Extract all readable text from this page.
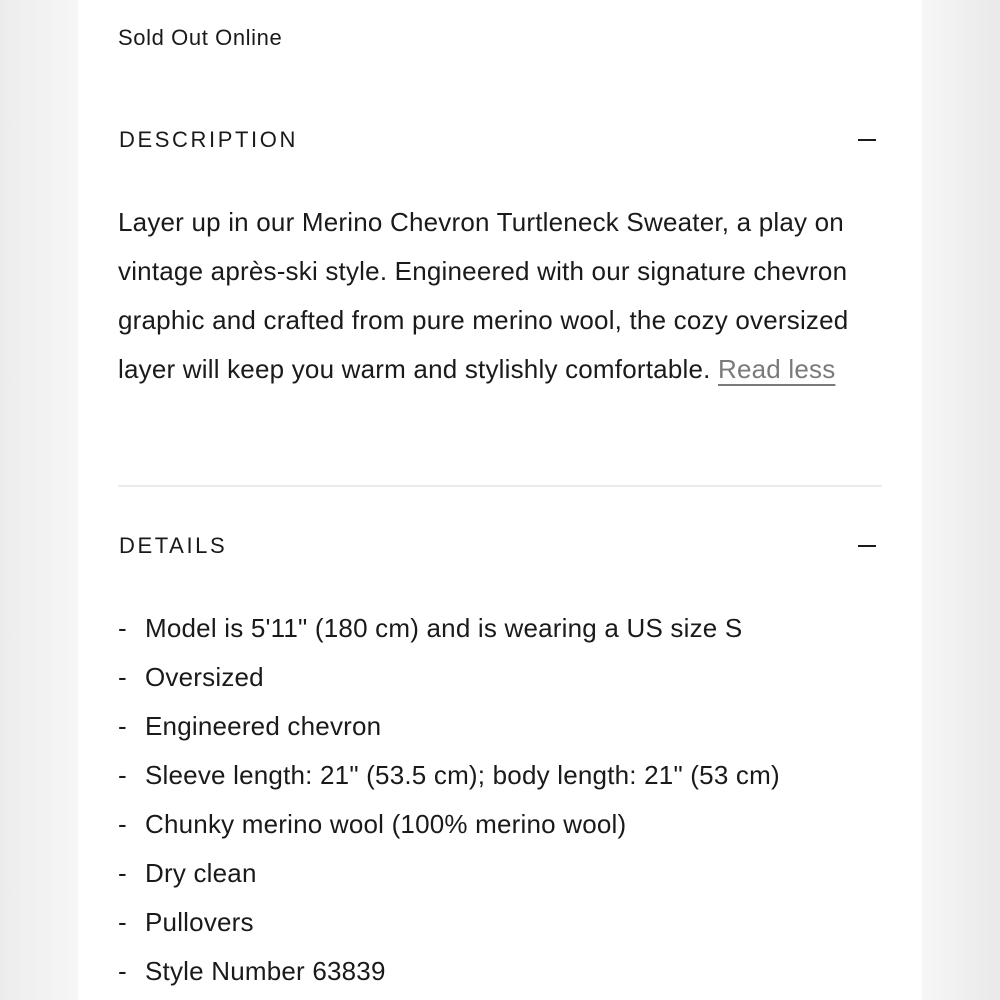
Sold Out Online
DESCRIPTION
Layer up in our Merino Chevron Turtleneck Sweater, a play on vintage après-ski style. Engineered with our signature chevron graphic and crafted from pure merino wool, the cozy oversized layer will keep you warm and stylishly comfortable. Read less
DETAILS
- Model is 5'11" (180 cm) and is wearing a US size S
- Oversized
- Engineered chevron
- Sleeve length: 21" (53.5 cm); body length: 21" (53 cm)
- Chunky merino wool (100% merino wool)
- Dry clean
- Pullovers
- Style Number 63839
